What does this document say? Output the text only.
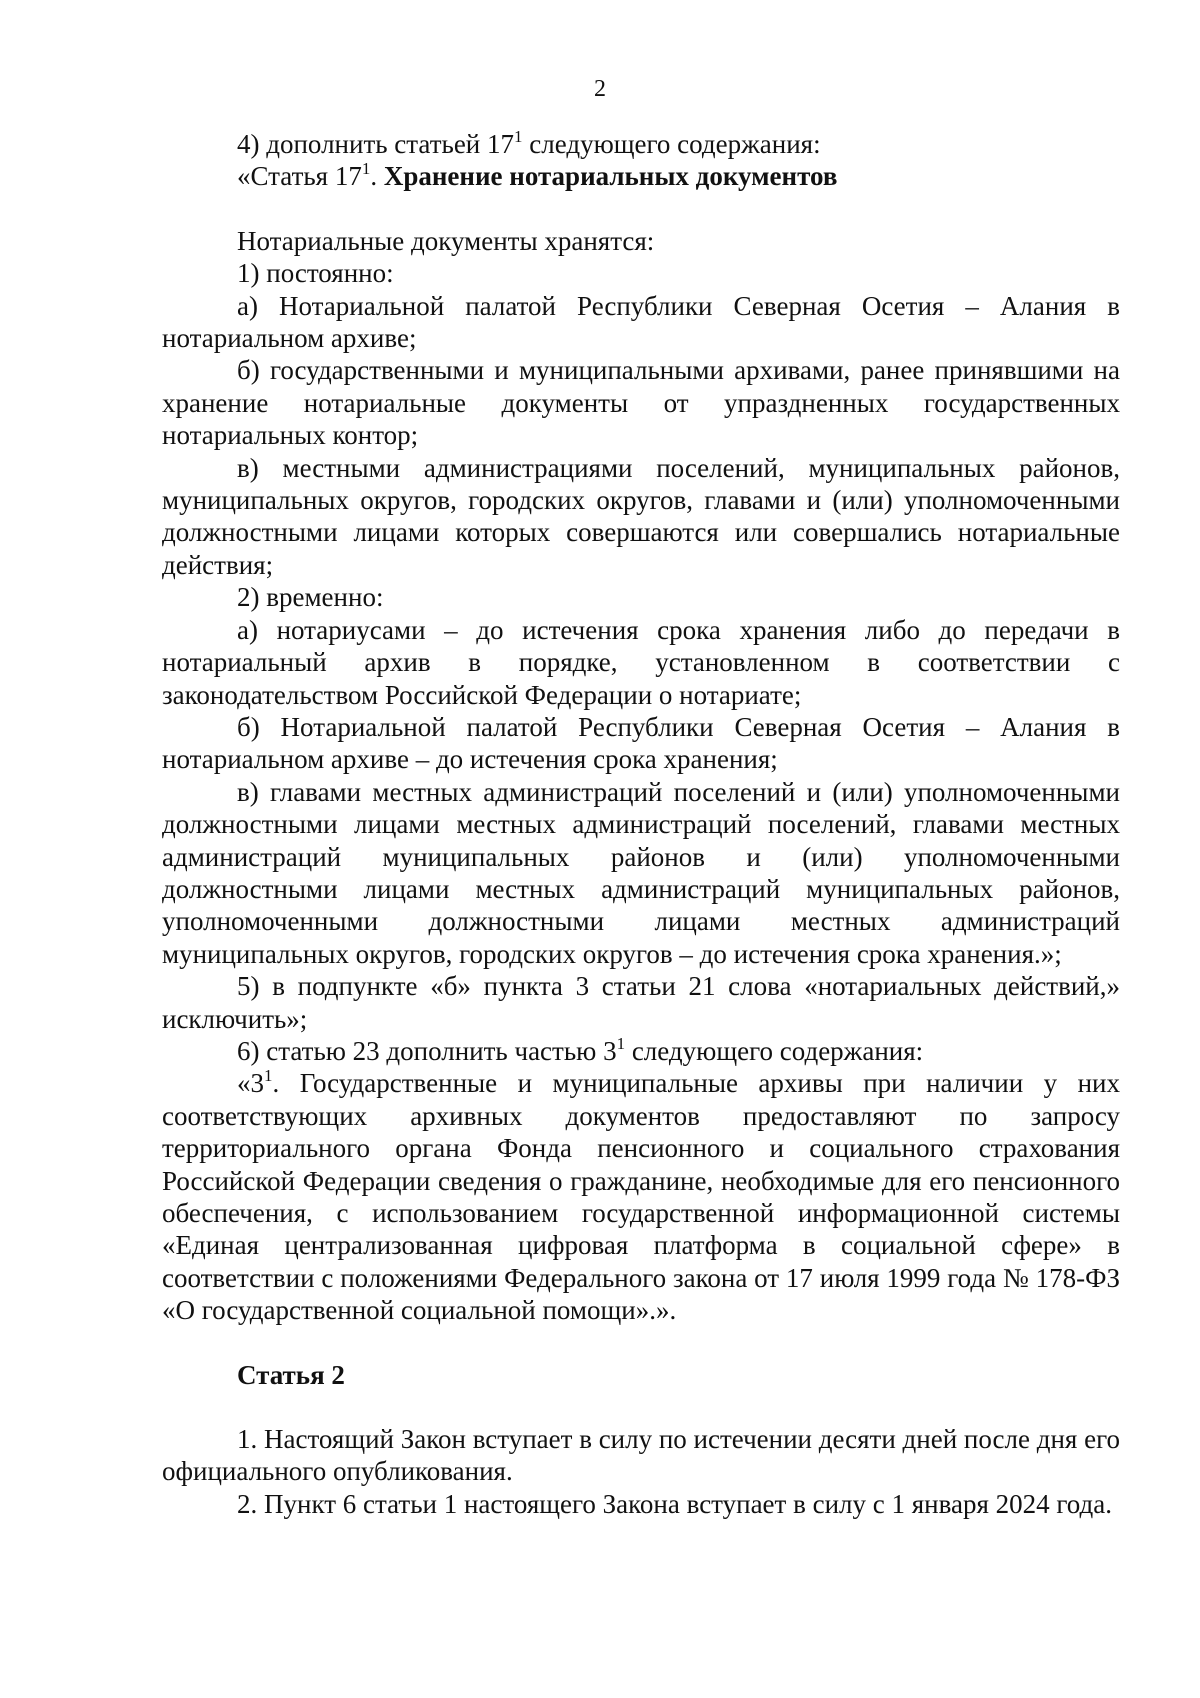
2

4) дополнить статьей $17^1$ следующего содержания:

«Статья $17^1$. Хранение нотариальных документов

Нотариальные документы хранятся:

1) постоянно:

а) Нотариальной палатой Республики Северная Осетия – Алания в нотариальном архиве;

б) государственными и муниципальными архивами, ранее принявшими на хранение нотариальные документы от упраздненных государственных нотариальных контор;

в) местными администрациями поселений, муниципальных районов, муниципальных округов, городских округов, главами и (или) уполномоченными должностными лицами которых совершаются или совершались нотариальные действия;

2) временно:

а) нотариусами – до истечения срока хранения либо до передачи в нотариальный архив в порядке, установленном в соответствии с законодательством Российской Федерации о нотариате;

б) Нотариальной палатой Республики Северная Осетия – Алания в нотариальном архиве – до истечения срока хранения;

в) главами местных администраций поселений и (или) уполномоченными должностными лицами местных администраций поселений, главами местных администраций муниципальных районов и (или) уполномоченными должностными лицами местных администраций муниципальных районов, уполномоченными должностными лицами местных администраций муниципальных округов, городских округов – до истечения срока хранения.»;

5) в подпункте «б» пункта 3 статьи 21 слова «нотариальных действий,» исключить»;

6) статью 23 дополнить частью $3^1$ следующего содержания:

«$3^1$. Государственные и муниципальные архивы при наличии у них соответствующих архивных документов предоставляют по запросу территориального органа Фонда пенсионного и социального страхования Российской Федерации сведения о гражданине, необходимые для его пенсионного обеспечения, с использованием государственной информационной системы «Единая централизованная цифровая платформа в социальной сфере» в соответствии с положениями Федерального закона от 17 июля 1999 года № 178-ФЗ «О государственной социальной помощи».».

Статья 2

1. Настоящий Закон вступает в силу по истечении десяти дней после дня его официального опубликования.

2. Пункт 6 статьи 1 настоящего Закона вступает в силу с 1 января 2024 года.
